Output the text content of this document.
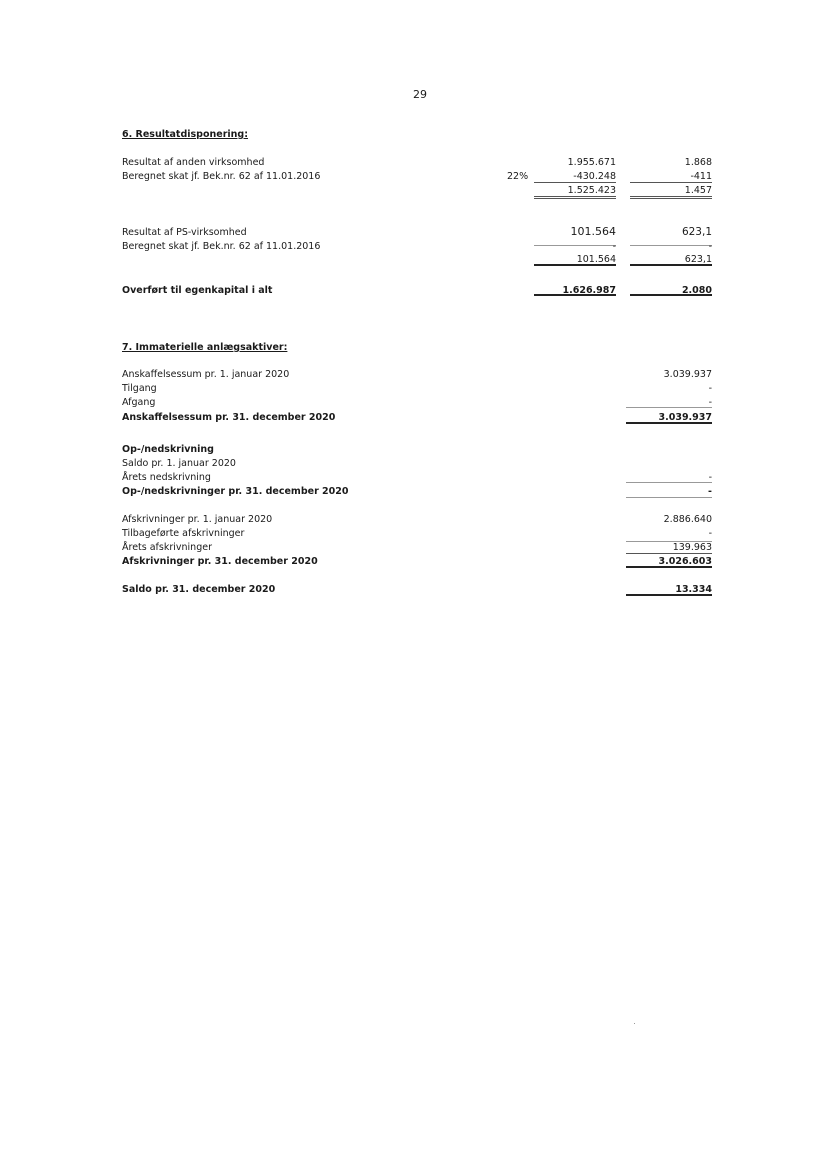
29
6. Resultatdisponering:
Resultat af anden virksomhed	1.955.671	1.868
Beregnet skat jf. Bek.nr. 62 af 11.01.2016	22%	-430.248	-411
1.525.423	1.457
Resultat af PS-virksomhed	101.564	623,1
Beregnet skat jf. Bek.nr. 62 af 11.01.2016	-	-
101.564	623,1
Overført til egenkapital i alt	1.626.987	2.080
7. Immaterielle anlægsaktiver:
Anskaffelsessum pr. 1. januar 2020	3.039.937
Tilgang	-
Afgang	-
Anskaffelsessum pr. 31. december 2020	3.039.937
Op-/nedskrivning
Saldo pr. 1. januar 2020
Årets nedskrivning	-
Op-/nedskrivninger pr. 31. december 2020	-
Afskrivninger pr. 1. januar 2020	2.886.640
Tilbageførte afskrivninger	-
Årets afskrivninger	139.963
Afskrivninger pr. 31. december 2020	3.026.603
Saldo pr. 31. december 2020	13.334
